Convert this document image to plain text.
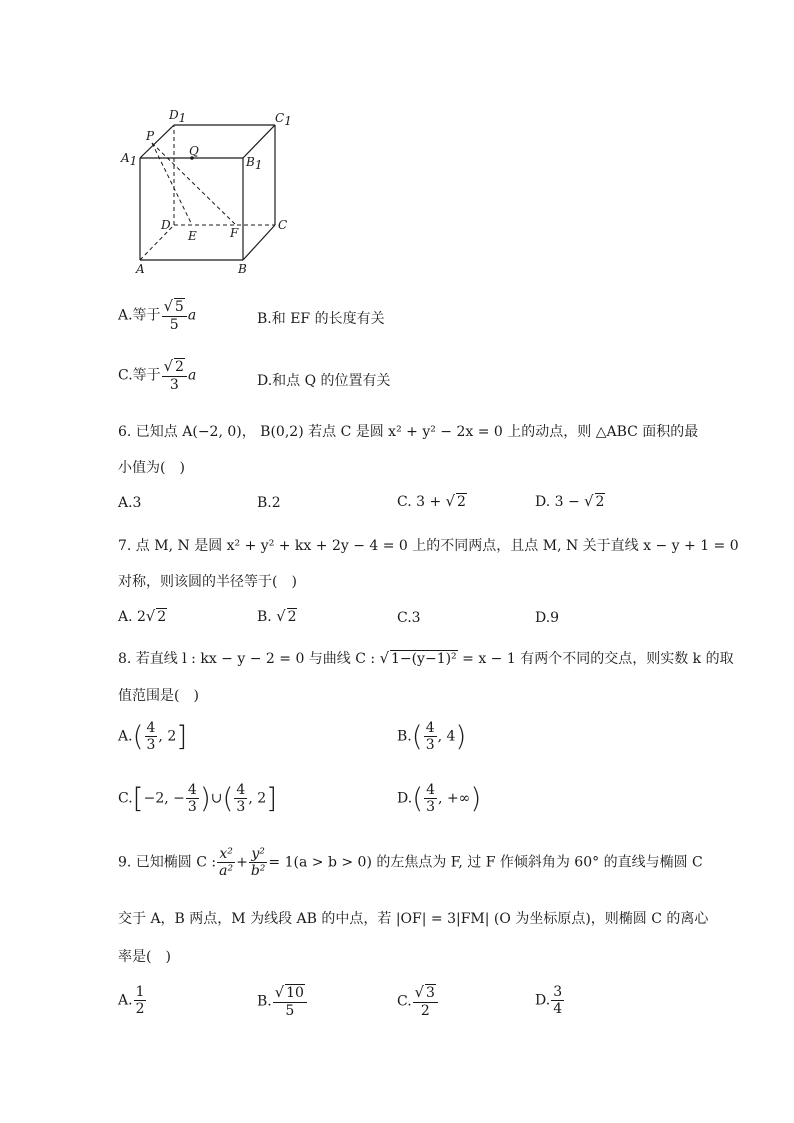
D1	C1
P
Q
A1	B1
D	C
E	F
A	B
A.等于 $\frac{√ 5}{5}$ a	B.和 EF 的长度有关
C.等于 $\frac{√ 2}{3}$ a	D.和点 Q 的位置有关
6. 已知点 A(−2, 0)， B(0,2) 若点 C 是圆 x² + y² − 2x = 0 上的动点，则 △ABC 面积的最
小值为(　)
A.3	B.2	C. 3 + √ 2	D. 3 − √ 2
7. 点 M, N 是圆 x² + y² + kx + 2y − 4 = 0 上的不同两点，且点 M, N 关于直线 x − y + 1 = 0
对称，则该圆的半径等于(　)
A. 2√ 2	B. √ 2	C.3	D.9
8. 若直线 l : kx − y − 2 = 0 与曲线 C : √ 1−(y−1)² = x − 1 有两个不同的交点，则实数 k 的取
值范围是(　)
$A.( \frac{4}{3}$ , 2]	$B.( \frac{4}{3}$ , 4)
C.[−2, − $\frac{4}{3}$ )∪( $\frac{4}{3}$ , 2]	$D.( \frac{4}{3}$ , +∞)
9. 已知椭圆 C : $\frac{\text{x²}}{\text{a²}} + \frac{\text{y²}}{\text{b²}} = 1(a > b > 0)$ 的左焦点为 F, 过 F 作倾斜角为 60° 的直线与椭圆 C
交于 A，B 两点，M 为线段 AB 的中点，若 |OF| = 3|FM| (O 为坐标原点)，则椭圆 C 的离心
率是(　)
A. $\frac{1}{2}$	B. $\frac{√ 10}{5}$	C. $\frac{√ 3}{2}$	D. $\frac{3}{4}$
